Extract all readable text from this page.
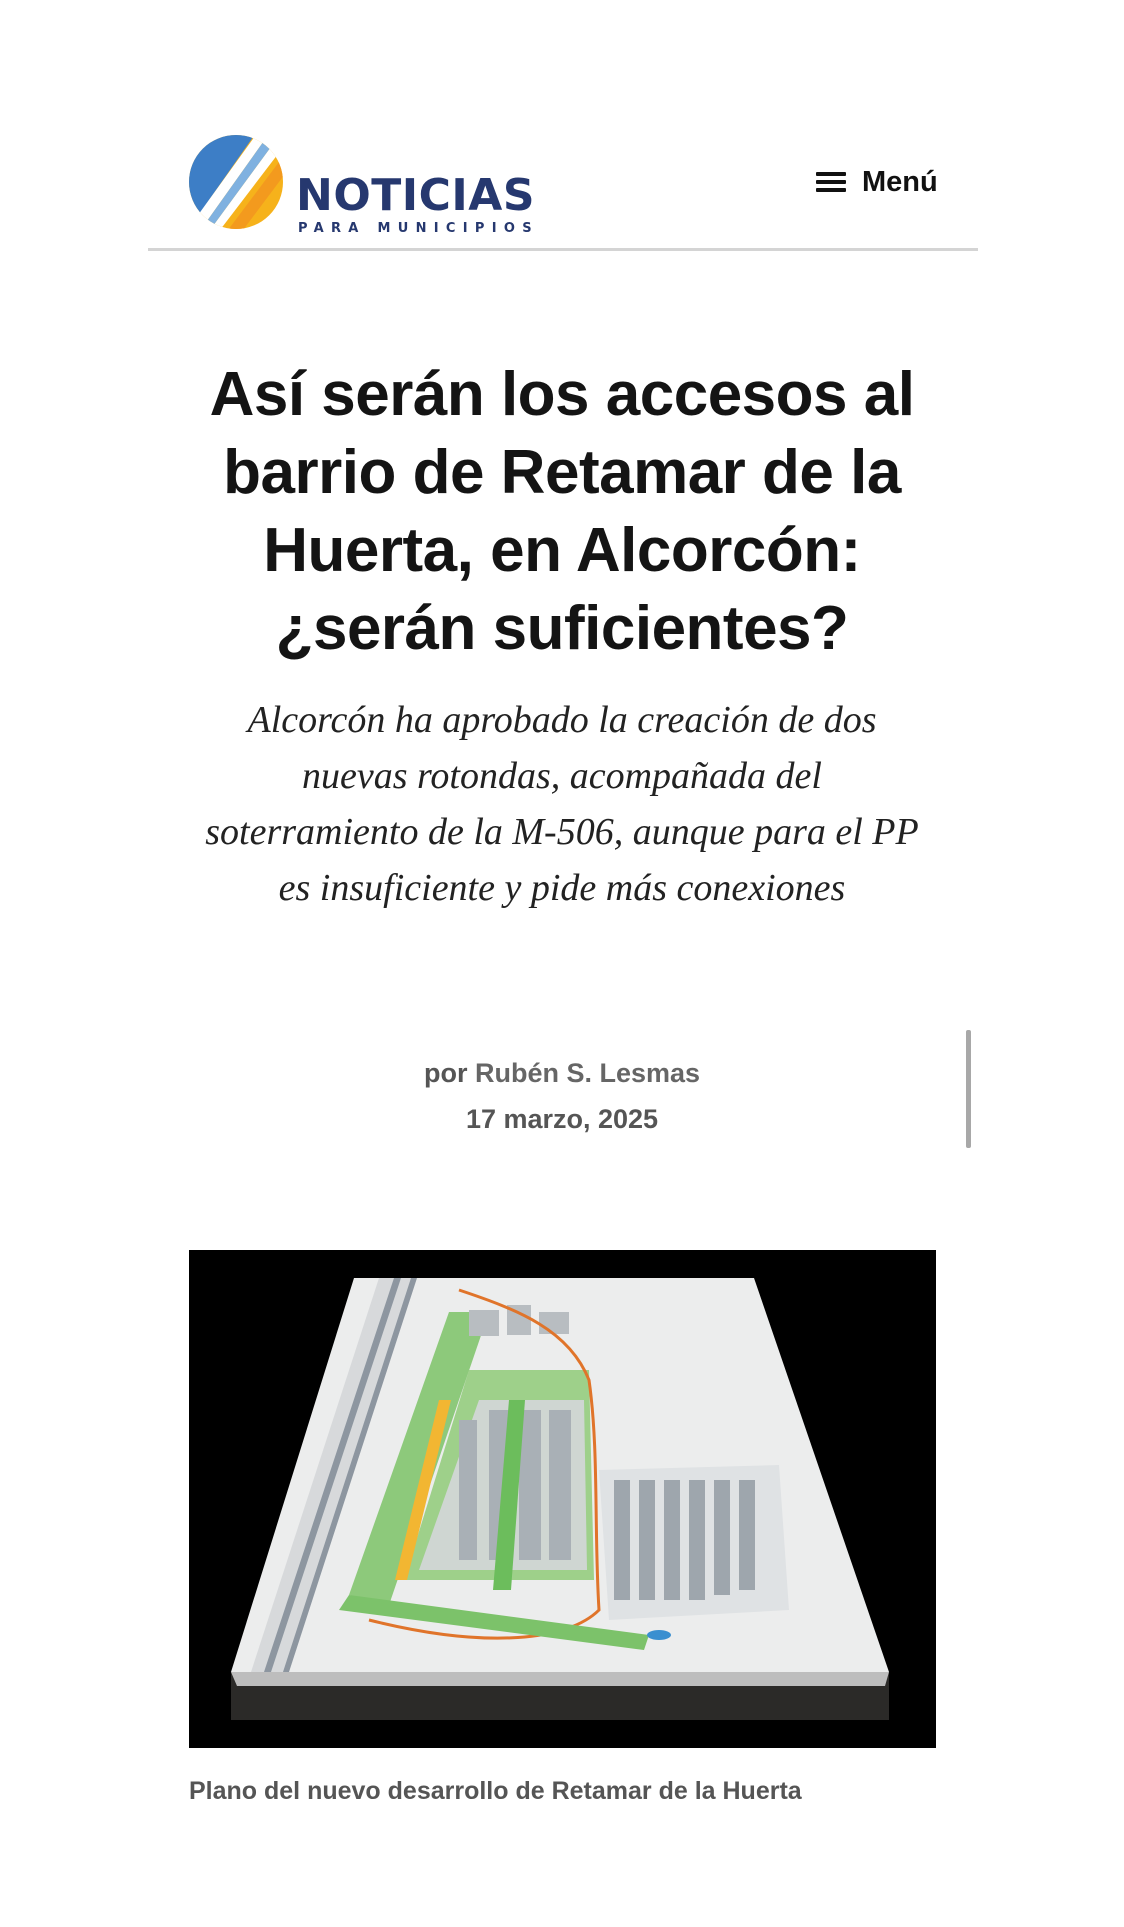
NOTICIAS
PARA MUNICIPIOS
Menú
Así serán los accesos al barrio de Retamar de la Huerta, en Alcorcón: ¿serán suficientes?

Alcorcón ha aprobado la creación de dos nuevas rotondas, acompañada del soterramiento de la M-506, aunque para el PP es insuficiente y pide más conexiones

por Rubén S. Lesmas
17 marzo, 2025
Plano del nuevo desarrollo de Retamar de la Huerta
